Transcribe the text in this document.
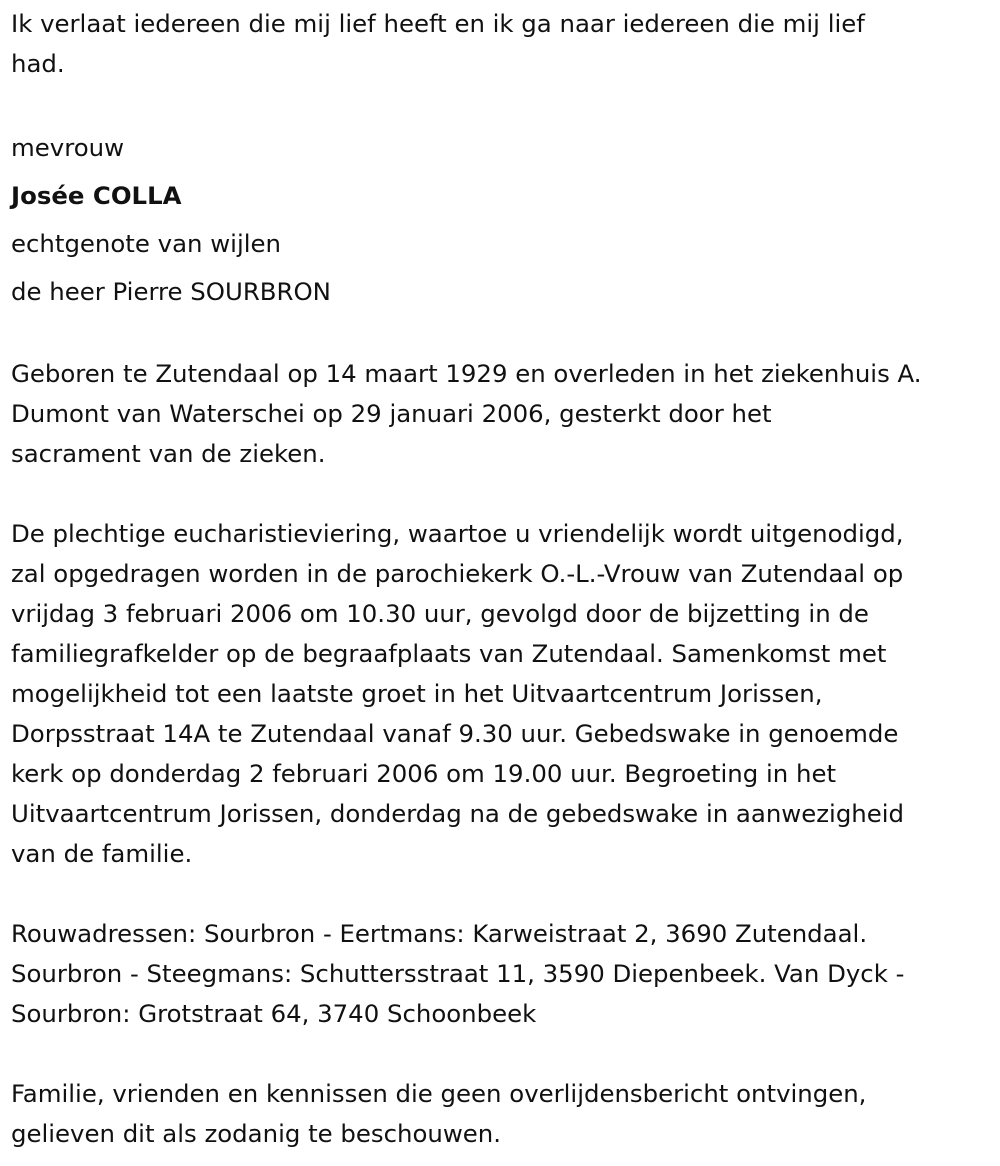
Ik verlaat iedereen die mij lief heeft en ik ga naar iedereen die mij lief
had.
mevrouw
Josée COLLA
echtgenote van wijlen
de heer Pierre SOURBRON
Geboren te Zutendaal op 14 maart 1929 en overleden in het ziekenhuis A.
Dumont van Waterschei op 29 januari 2006, gesterkt door het
sacrament van de zieken.
De plechtige eucharistieviering, waartoe u vriendelijk wordt uitgenodigd,
zal opgedragen worden in de parochiekerk O.-L.-Vrouw van Zutendaal op
vrijdag 3 februari 2006 om 10.30 uur, gevolgd door de bijzetting in de
familiegrafkelder op de begraafplaats van Zutendaal. Samenkomst met
mogelijkheid tot een laatste groet in het Uitvaartcentrum Jorissen,
Dorpsstraat 14A te Zutendaal vanaf 9.30 uur. Gebedswake in genoemde
kerk op donderdag 2 februari 2006 om 19.00 uur. Begroeting in het
Uitvaartcentrum Jorissen, donderdag na de gebedswake in aanwezigheid
van de familie.
Rouwadressen: Sourbron - Eertmans: Karweistraat 2, 3690 Zutendaal.
Sourbron - Steegmans: Schuttersstraat 11, 3590 Diepenbeek. Van Dyck -
Sourbron: Grotstraat 64, 3740 Schoonbeek
Familie, vrienden en kennissen die geen overlijdensbericht ontvingen,
gelieven dit als zodanig te beschouwen.
